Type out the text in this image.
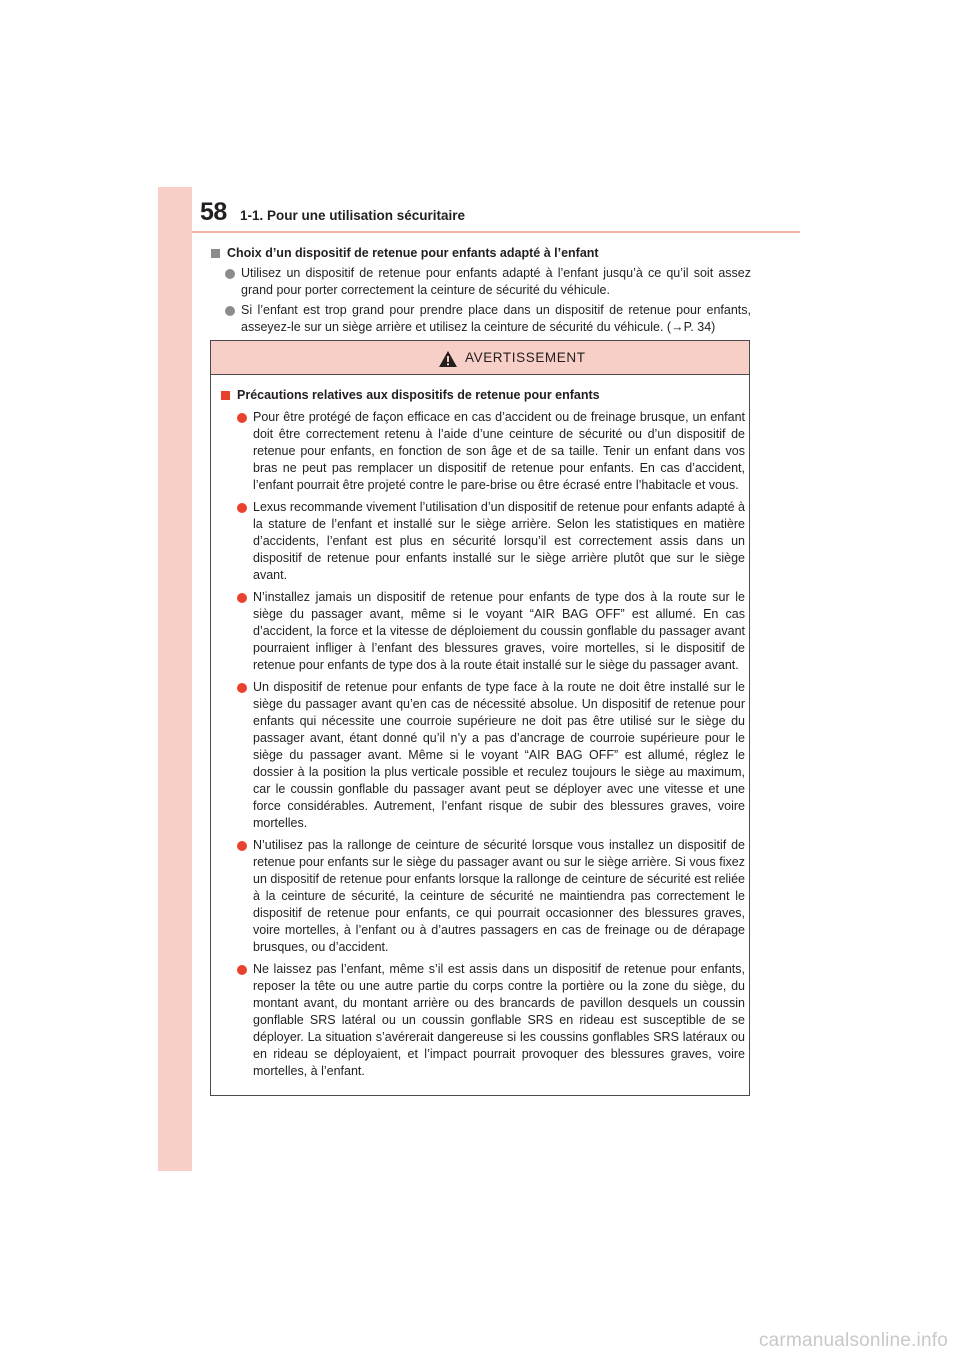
58 1-1. Pour une utilisation sécuritaire
Choix d’un dispositif de retenue pour enfants adapté à l’enfant
Utilisez un dispositif de retenue pour enfants adapté à l’enfant jusqu’à ce qu’il soit assez grand pour porter correctement la ceinture de sécurité du véhicule.
Si l’enfant est trop grand pour prendre place dans un dispositif de retenue pour enfants, asseyez-le sur un siège arrière et utilisez la ceinture de sécurité du véhicule. (→P. 34)
AVERTISSEMENT
Précautions relatives aux dispositifs de retenue pour enfants
Pour être protégé de façon efficace en cas d’accident ou de freinage brusque, un enfant doit être correctement retenu à l’aide d’une ceinture de sécurité ou d’un dispositif de retenue pour enfants, en fonction de son âge et de sa taille. Tenir un enfant dans vos bras ne peut pas remplacer un dispositif de retenue pour enfants. En cas d’accident, l’enfant pourrait être projeté contre le pare-brise ou être écrasé entre l’habitacle et vous.
Lexus recommande vivement l’utilisation d’un dispositif de retenue pour enfants adapté à la stature de l’enfant et installé sur le siège arrière. Selon les statistiques en matière d’accidents, l’enfant est plus en sécurité lorsqu’il est correctement assis dans un dispositif de retenue pour enfants installé sur le siège arrière plutôt que sur le siège avant.
N’installez jamais un dispositif de retenue pour enfants de type dos à la route sur le siège du passager avant, même si le voyant “AIR BAG OFF” est allumé. En cas d’accident, la force et la vitesse de déploiement du coussin gonflable du passager avant pourraient infliger à l’enfant des blessures graves, voire mortelles, si le dispositif de retenue pour enfants de type dos à la route était installé sur le siège du passager avant.
Un dispositif de retenue pour enfants de type face à la route ne doit être installé sur le siège du passager avant qu’en cas de nécessité absolue. Un dispositif de retenue pour enfants qui nécessite une courroie supérieure ne doit pas être utilisé sur le siège du passager avant, étant donné qu’il n’y a pas d’ancrage de courroie supérieure pour le siège du passager avant. Même si le voyant “AIR BAG OFF” est allumé, réglez le dossier à la position la plus verticale possible et reculez toujours le siège au maximum, car le coussin gonflable du passager avant peut se déployer avec une vitesse et une force considérables. Autrement, l’enfant risque de subir des blessures graves, voire mortelles.
N’utilisez pas la rallonge de ceinture de sécurité lorsque vous installez un dispositif de retenue pour enfants sur le siège du passager avant ou sur le siège arrière. Si vous fixez un dispositif de retenue pour enfants lorsque la rallonge de ceinture de sécurité est reliée à la ceinture de sécurité, la ceinture de sécurité ne maintiendra pas correctement le dispositif de retenue pour enfants, ce qui pourrait occasionner des blessures graves, voire mortelles, à l’enfant ou à d’autres passagers en cas de freinage ou de dérapage brusques, ou d’accident.
Ne laissez pas l’enfant, même s’il est assis dans un dispositif de retenue pour enfants, reposer la tête ou une autre partie du corps contre la portière ou la zone du siège, du montant avant, du montant arrière ou des brancards de pavillon desquels un coussin gonflable SRS latéral ou un coussin gonflable SRS en rideau est susceptible de se déployer. La situation s’avérerait dangereuse si les coussins gonflables SRS latéraux ou en rideau se déployaient, et l’impact pourrait provoquer des blessures graves, voire mortelles, à l’enfant.
carmanualsonline.info
